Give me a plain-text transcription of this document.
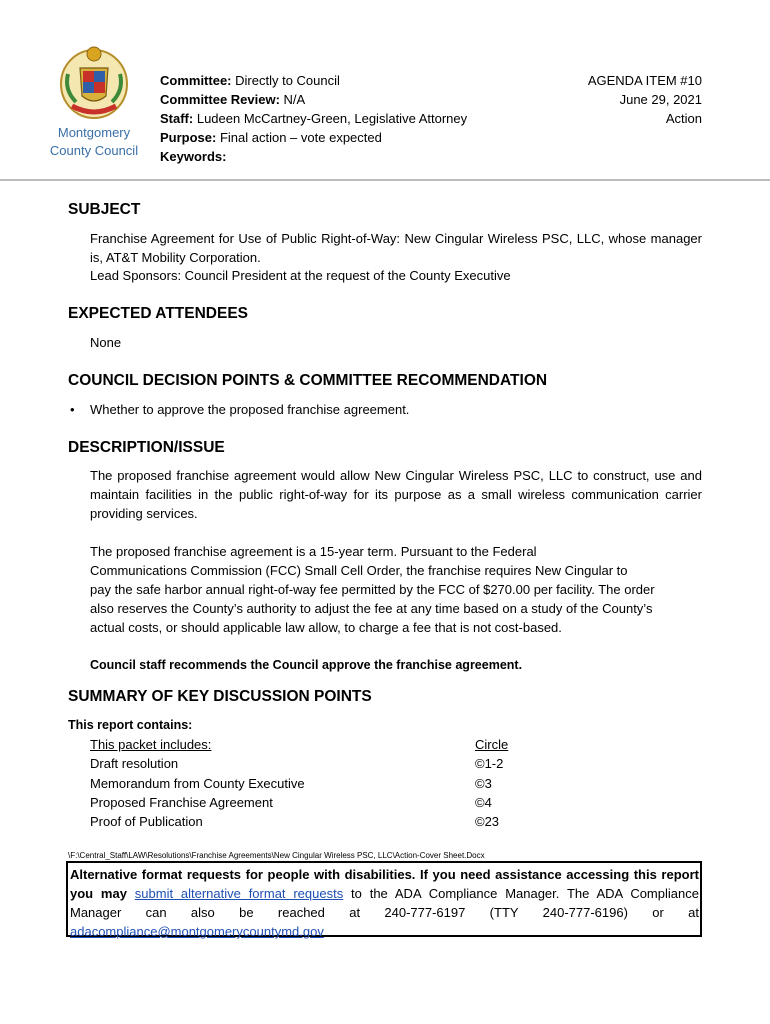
Montgomery
County Council
Committee: Directly to Council
Committee Review: N/A
Staff: Ludeen McCartney-Green, Legislative Attorney
Purpose: Final action – vote expected
Keywords:
AGENDA ITEM #10
June 29, 2021
Action
SUBJECT
Franchise Agreement for Use of Public Right-of-Way: New Cingular Wireless PSC, LLC, whose manager is, AT&T Mobility Corporation.
Lead Sponsors: Council President at the request of the County Executive
EXPECTED ATTENDEES
None
COUNCIL DECISION POINTS & COMMITTEE RECOMMENDATION
• Whether to approve the proposed franchise agreement.
DESCRIPTION/ISSUE
The proposed franchise agreement would allow New Cingular Wireless PSC, LLC to construct, use and maintain facilities in the public right-of-way for its purpose as a small wireless communication carrier providing services.
The proposed franchise agreement is a 15-year term. Pursuant to the Federal
Communications Commission (FCC) Small Cell Order, the franchise requires New Cingular to
pay the safe harbor annual right-of-way fee permitted by the FCC of $270.00 per facility. The order
also reserves the County’s authority to adjust the fee at any time based on a study of the County’s
actual costs, or should applicable law allow, to charge a fee that is not cost-based.
Council staff recommends the Council approve the franchise agreement.
SUMMARY OF KEY DISCUSSION POINTS
This report contains:
This packet includes:
Draft resolution
Memorandum from County Executive
Proposed Franchise Agreement
Proof of Publication
Circle
©1-2
©3
©4
©23
\F:\Central_Staff\LAW\Resolutions\Franchise Agreements\New Cingular Wireless PSC, LLC\Action-Cover Sheet.Docx
Alternative format requests for people with disabilities. If you need assistance accessing this report you may submit alternative format requests to the ADA Compliance Manager. The ADA Compliance Manager can also be reached at 240-777-6197 (TTY 240-777-6196) or at adacompliance@montgomerycountymd.gov
